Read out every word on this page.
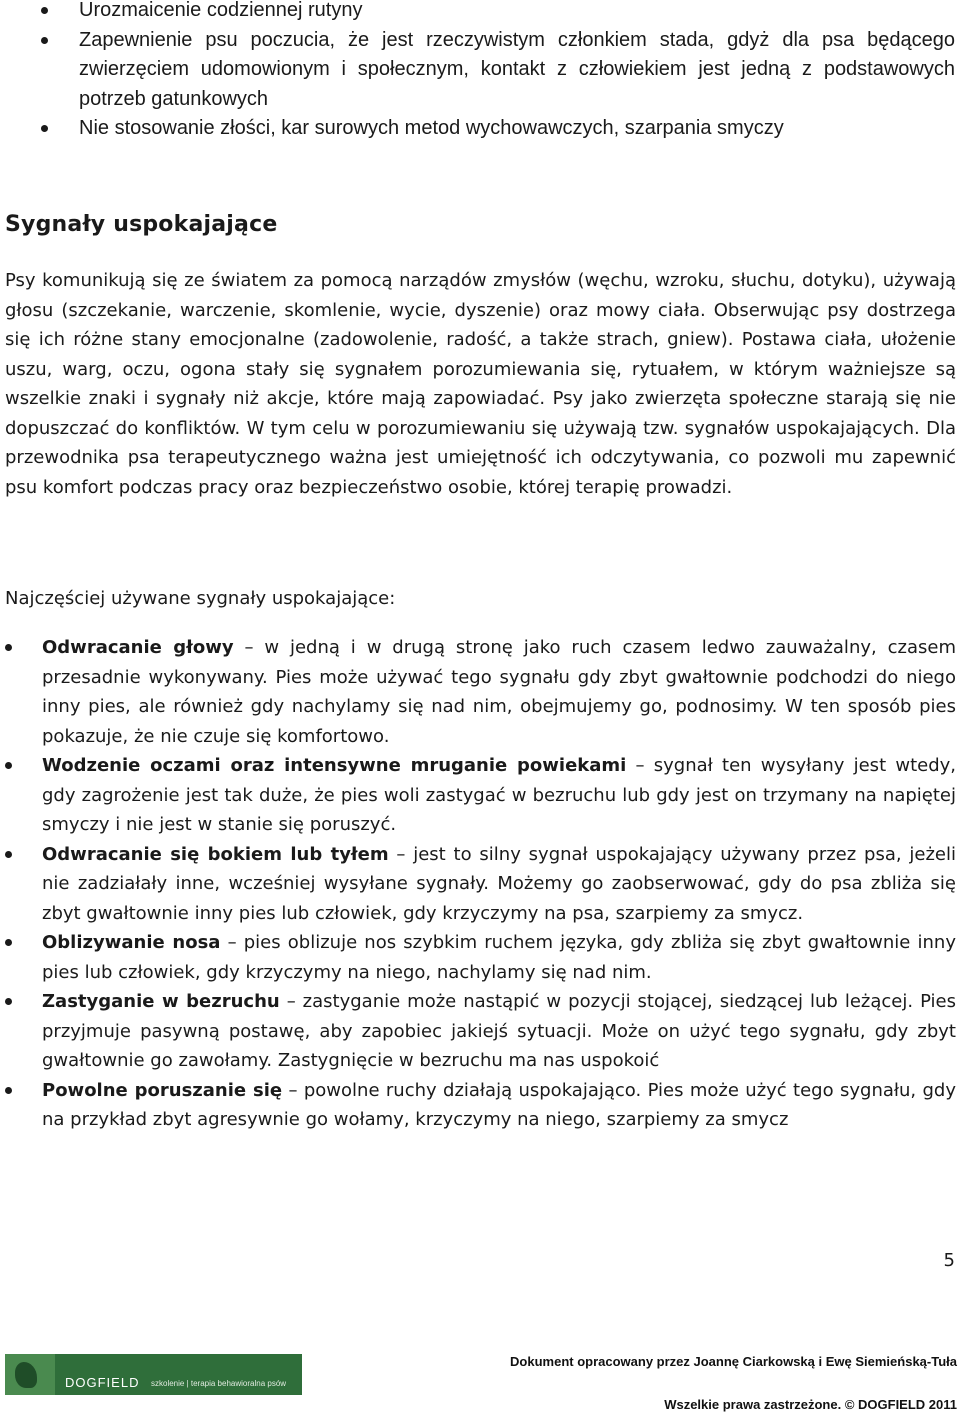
Urozmaicenie codziennej rutyny
Zapewnienie psu poczucia, że jest rzeczywistym członkiem stada, gdyż dla psa będącego zwierzęciem udomowionym i społecznym, kontakt z człowiekiem jest jedną z podstawowych potrzeb gatunkowych
Nie stosowanie złości, kar surowych metod wychowawczych, szarpania smyczy
Sygnały uspokajające

Psy komunikują się ze światem za pomocą narządów zmysłów (węchu, wzroku, słuchu, dotyku), używają głosu (szczekanie, warczenie, skomlenie, wycie, dyszenie) oraz mowy ciała. Obserwując psy dostrzega się ich różne stany emocjonalne (zadowolenie, radość, a także strach, gniew). Postawa ciała, ułożenie uszu, warg, oczu, ogona stały się sygnałem porozumiewania się, rytuałem, w którym ważniejsze są wszelkie znaki i sygnały niż akcje, które mają zapowiadać. Psy jako zwierzęta społeczne starają się nie dopuszczać do konfliktów. W tym celu w porozumiewaniu się używają tzw. sygnałów uspokajających. Dla przewodnika psa terapeutycznego ważna jest umiejętność ich odczytywania, co pozwoli mu zapewnić psu komfort podczas pracy oraz bezpieczeństwo osobie, której terapię prowadzi.

Najczęściej używane sygnały uspokajające:

Odwracanie głowy – w jedną i w drugą stronę jako ruch czasem ledwo zauważalny, czasem przesadnie wykonywany. Pies może używać tego sygnału gdy zbyt gwałtownie podchodzi do niego inny pies, ale również gdy nachylamy się nad nim, obejmujemy go, podnosimy. W ten sposób pies pokazuje, że nie czuje się komfortowo.
Wodzenie oczami oraz intensywne mruganie powiekami – sygnał ten wysyłany jest wtedy, gdy zagrożenie jest tak duże, że pies woli zastygać w bezruchu lub gdy jest on trzymany na napiętej smyczy i nie jest w stanie się poruszyć.
Odwracanie się bokiem lub tyłem – jest to silny sygnał uspokajający używany przez psa, jeżeli nie zadziałały inne, wcześniej wysyłane sygnały. Możemy go zaobserwować, gdy do psa zbliża się zbyt gwałtownie inny pies lub człowiek, gdy krzyczymy na psa, szarpiemy za smycz.
Oblizywanie nosa – pies oblizuje nos szybkim ruchem języka, gdy zbliża się zbyt gwałtownie inny pies lub człowiek, gdy krzyczymy na niego, nachylamy się nad nim.
Zastyganie w bezruchu – zastyganie może nastąpić w pozycji stojącej, siedzącej lub leżącej. Pies przyjmuje pasywną postawę, aby zapobiec jakiejś sytuacji. Może on użyć tego sygnału, gdy zbyt gwałtownie go zawołamy. Zastygnięcie w bezruchu ma nas uspokoić
Powolne poruszanie się – powolne ruchy działają uspokajająco. Pies może użyć tego sygnału, gdy na przykład zbyt agresywnie go wołamy, krzyczymy na niego, szarpiemy za smycz
5
DOGFIELD szkolenie | terapia behawioralna psów
Dokument opracowany przez Joannę Ciarkowską i Ewę Siemieńską-Tuła
Wszelkie prawa zastrzeżone. © DOGFIELD 2011
